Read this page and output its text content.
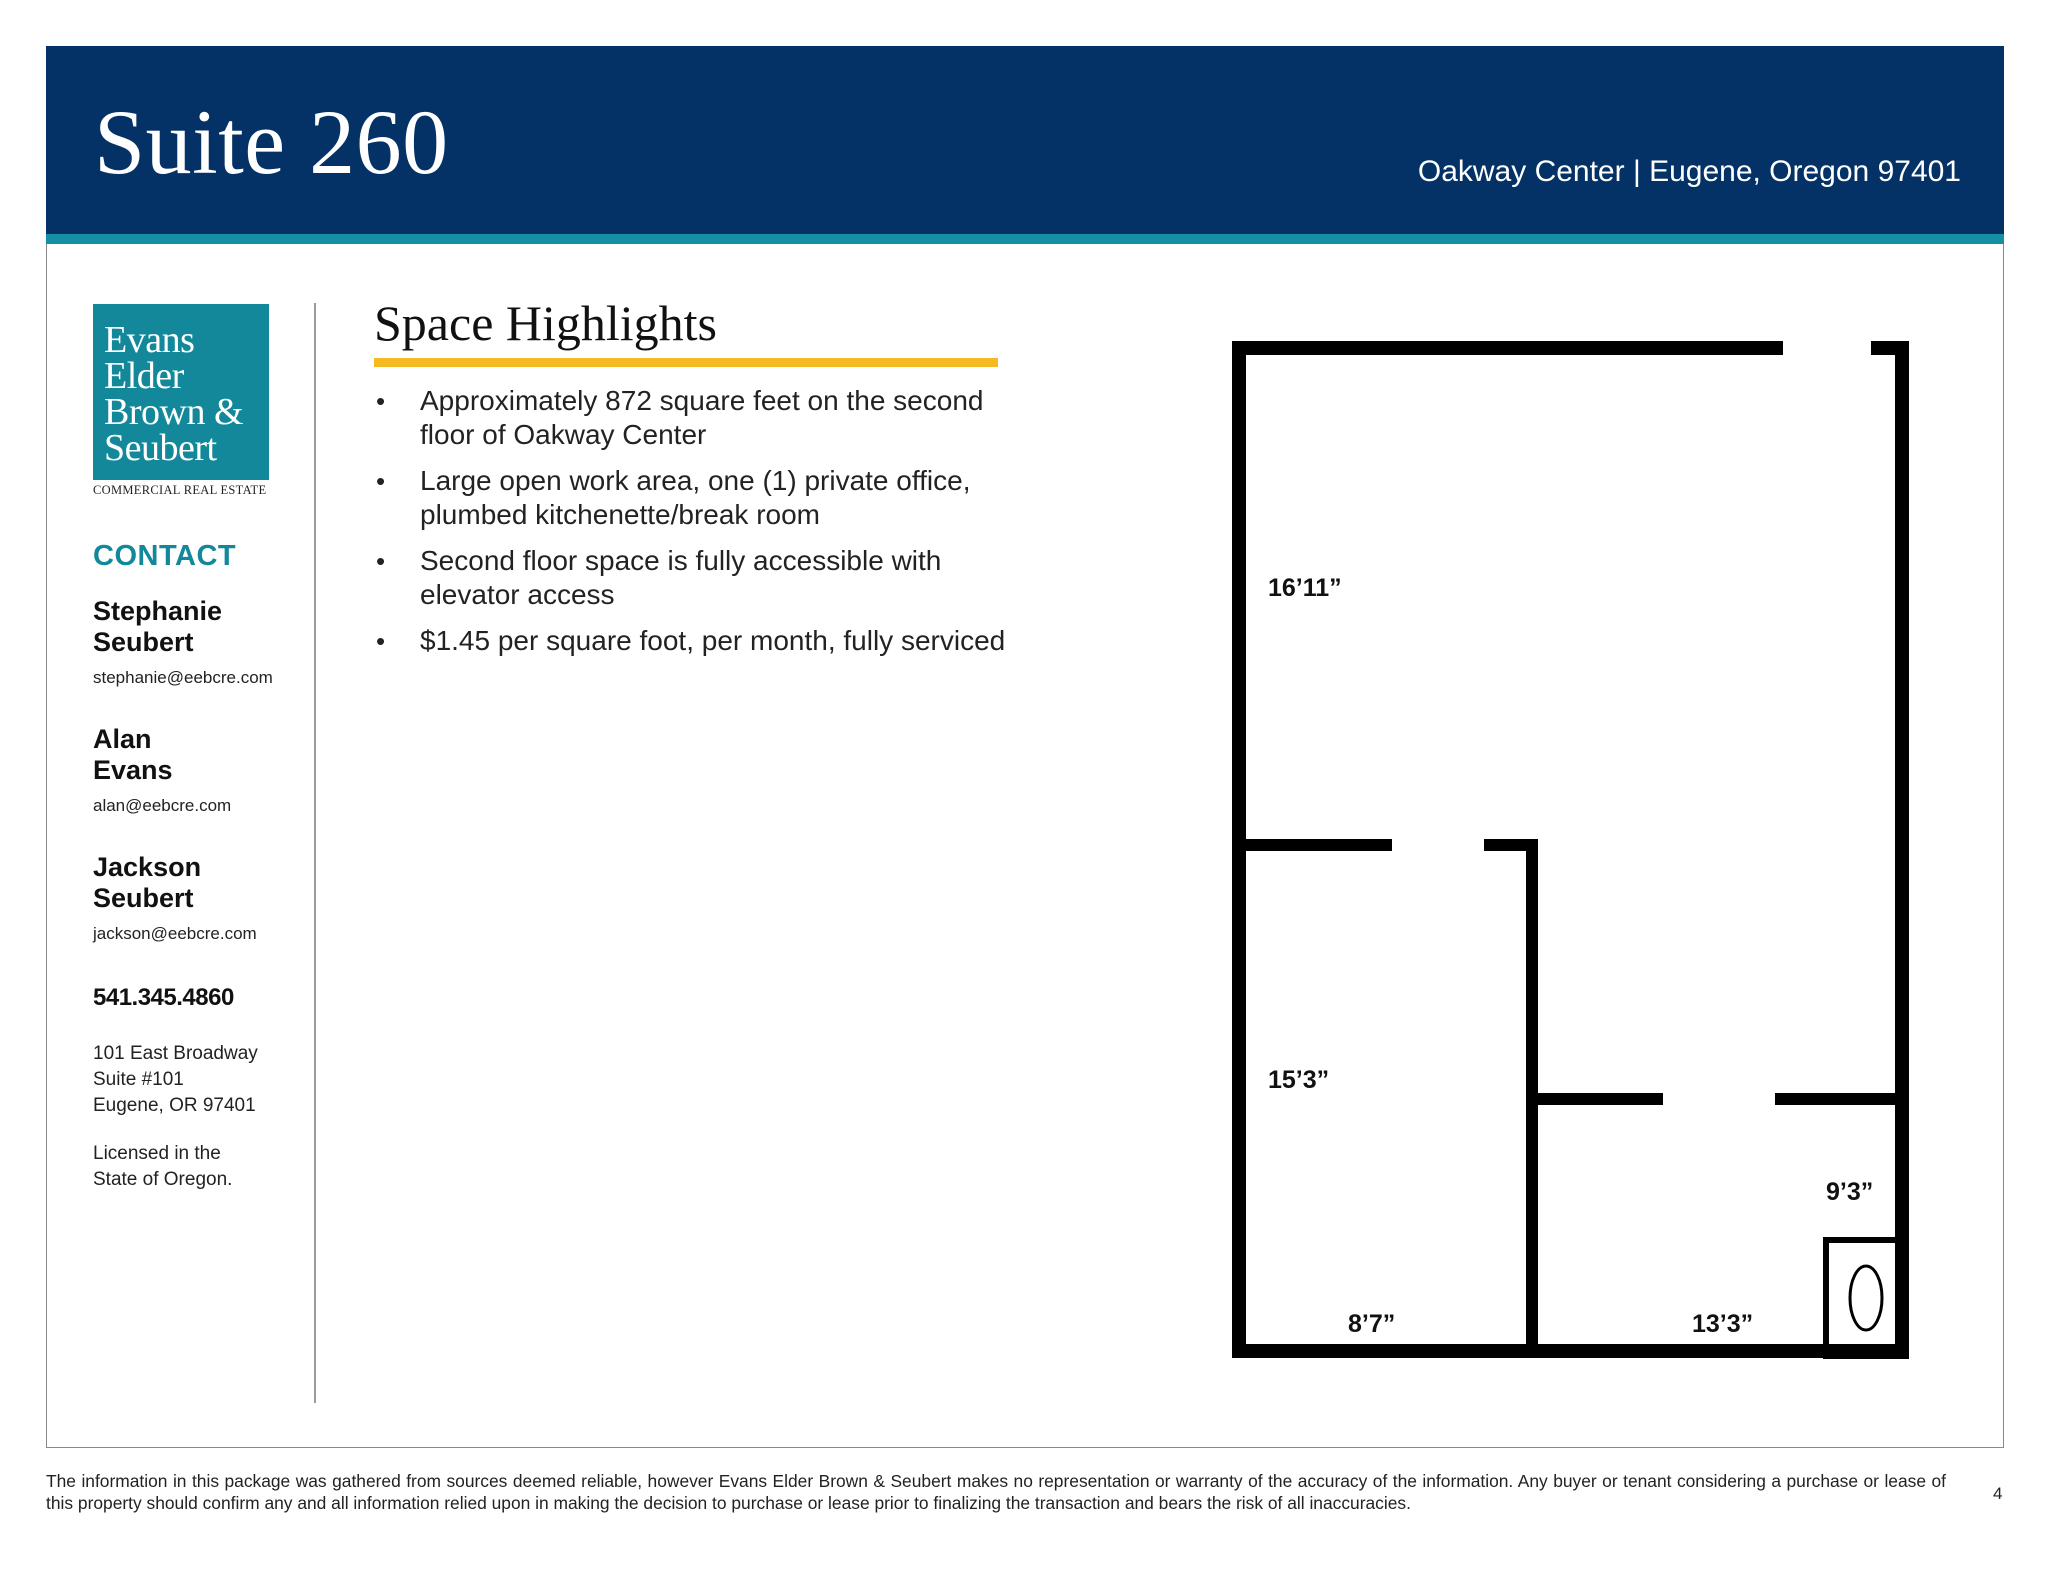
Suite 260	Oakway Center | Eugene, Oregon 97401
Evans
Elder
Brown &
Seubert
COMMERCIAL REAL ESTATE
CONTACT
Stephanie
Seubert
stephanie@eebcre.com
Alan
Evans
alan@eebcre.com
Jackson
Seubert
jackson@eebcre.com
541.345.4860
101 East Broadway
Suite #101
Eugene, OR 97401
Licensed in the
State of Oregon.
Space Highlights
• Approximately 872 square feet on the second floor of Oakway Center
• Large open work area, one (1) private office, plumbed kitchenette/break room
• Second floor space is fully accessible with elevator access
• $1.45 per square foot, per month, fully serviced
16’11”
15’3”
9’3”
8’7”	13’3”
The information in this package was gathered from sources deemed reliable, however Evans Elder Brown & Seubert makes no representation or warranty of the accuracy of the information. Any buyer or tenant considering a purchase or lease of this property should confirm any and all information relied upon in making the decision to purchase or lease prior to finalizing the transaction and bears the risk of all inaccuracies.	4
